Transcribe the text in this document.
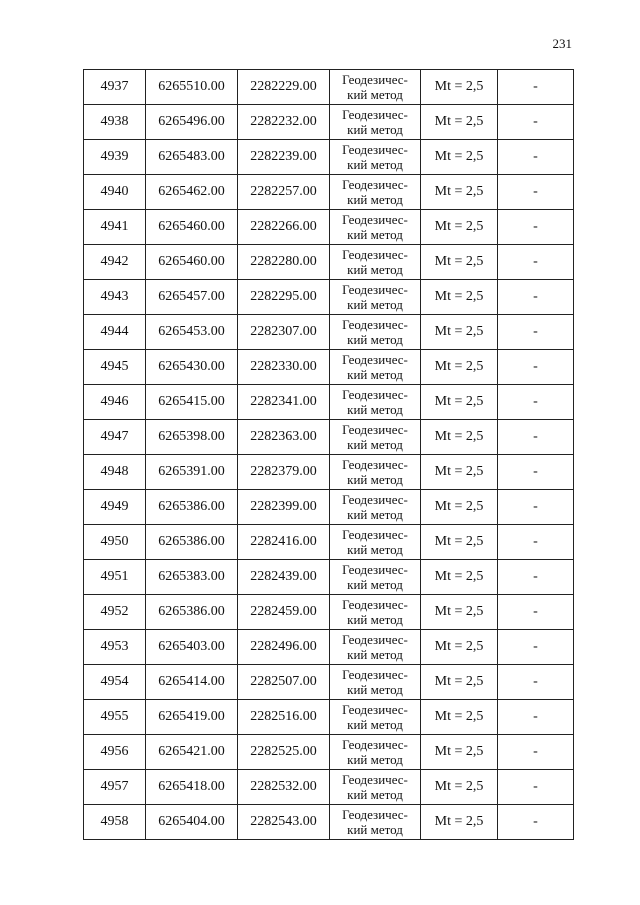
231
4937	6265510.00	2282229.00	Геодезичес-
кий метод	Mt = 2,5	-
4938	6265496.00	2282232.00	Геодезичес-
кий метод	Mt = 2,5	-
4939	6265483.00	2282239.00	Геодезичес-
кий метод	Mt = 2,5	-
4940	6265462.00	2282257.00	Геодезичес-
кий метод	Mt = 2,5	-
4941	6265460.00	2282266.00	Геодезичес-
кий метод	Mt = 2,5	-
4942	6265460.00	2282280.00	Геодезичес-
кий метод	Mt = 2,5	-
4943	6265457.00	2282295.00	Геодезичес-
кий метод	Mt = 2,5	-
4944	6265453.00	2282307.00	Геодезичес-
кий метод	Mt = 2,5	-
4945	6265430.00	2282330.00	Геодезичес-
кий метод	Mt = 2,5	-
4946	6265415.00	2282341.00	Геодезичес-
кий метод	Mt = 2,5	-
4947	6265398.00	2282363.00	Геодезичес-
кий метод	Mt = 2,5	-
4948	6265391.00	2282379.00	Геодезичес-
кий метод	Mt = 2,5	-
4949	6265386.00	2282399.00	Геодезичес-
кий метод	Mt = 2,5	-
4950	6265386.00	2282416.00	Геодезичес-
кий метод	Mt = 2,5	-
4951	6265383.00	2282439.00	Геодезичес-
кий метод	Mt = 2,5	-
4952	6265386.00	2282459.00	Геодезичес-
кий метод	Mt = 2,5	-
4953	6265403.00	2282496.00	Геодезичес-
кий метод	Mt = 2,5	-
4954	6265414.00	2282507.00	Геодезичес-
кий метод	Mt = 2,5	-
4955	6265419.00	2282516.00	Геодезичес-
кий метод	Mt = 2,5	-
4956	6265421.00	2282525.00	Геодезичес-
кий метод	Mt = 2,5	-
4957	6265418.00	2282532.00	Геодезичес-
кий метод	Mt = 2,5	-
4958	6265404.00	2282543.00	Геодезичес-
кий метод	Mt = 2,5	-
